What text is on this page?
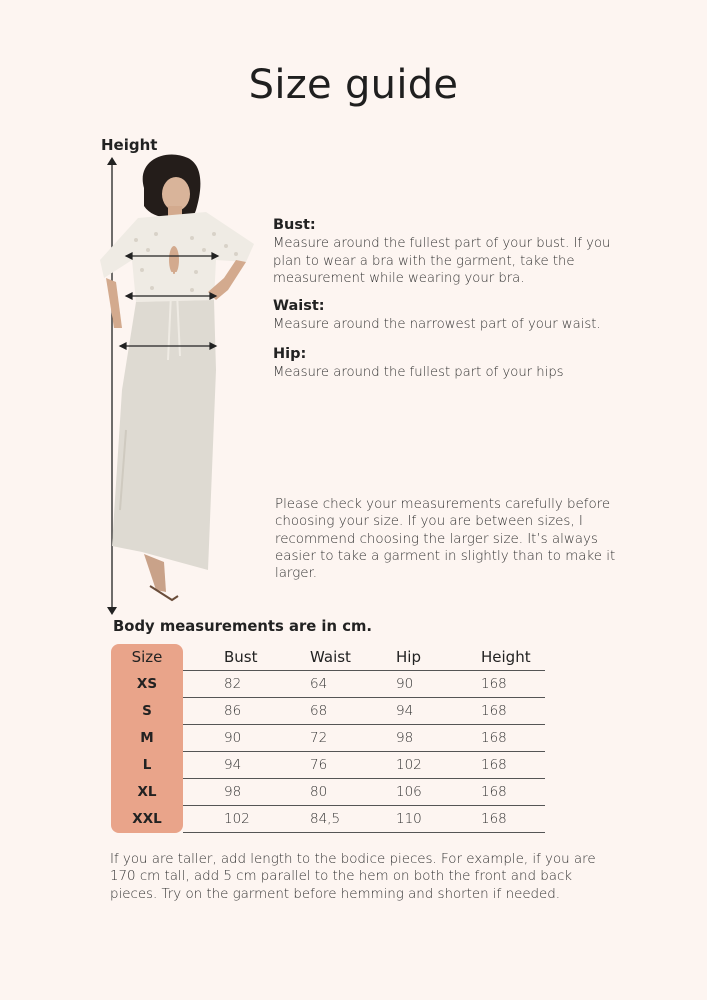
Size guide
Height
Bust:
Measure around the fullest part of your bust. If you plan to wear a bra with the garment, take the measurement while wearing your bra.
Waist:
Measure around the narrowest part of your waist.
Hip:
Measure around the fullest part of your hips
Please check your measurements carefully before choosing your size. If you are between sizes, I recommend choosing the larger size. It’s always easier to take a garment in slightly than to make it larger.
Body measurements are in cm.
Size		Bust	Waist	Hip	Height
XS		82	64	90	168
S		86	68	94	168
M		90	72	98	168
L		94	76	102	168
XL		98	80	106	168
XXL		102	84,5	110	168
If you are taller, add length to the bodice pieces. For example, if you are 170 cm tall, add 5 cm parallel to the hem on both the front and back pieces. Try on the garment before hemming and shorten if needed.
